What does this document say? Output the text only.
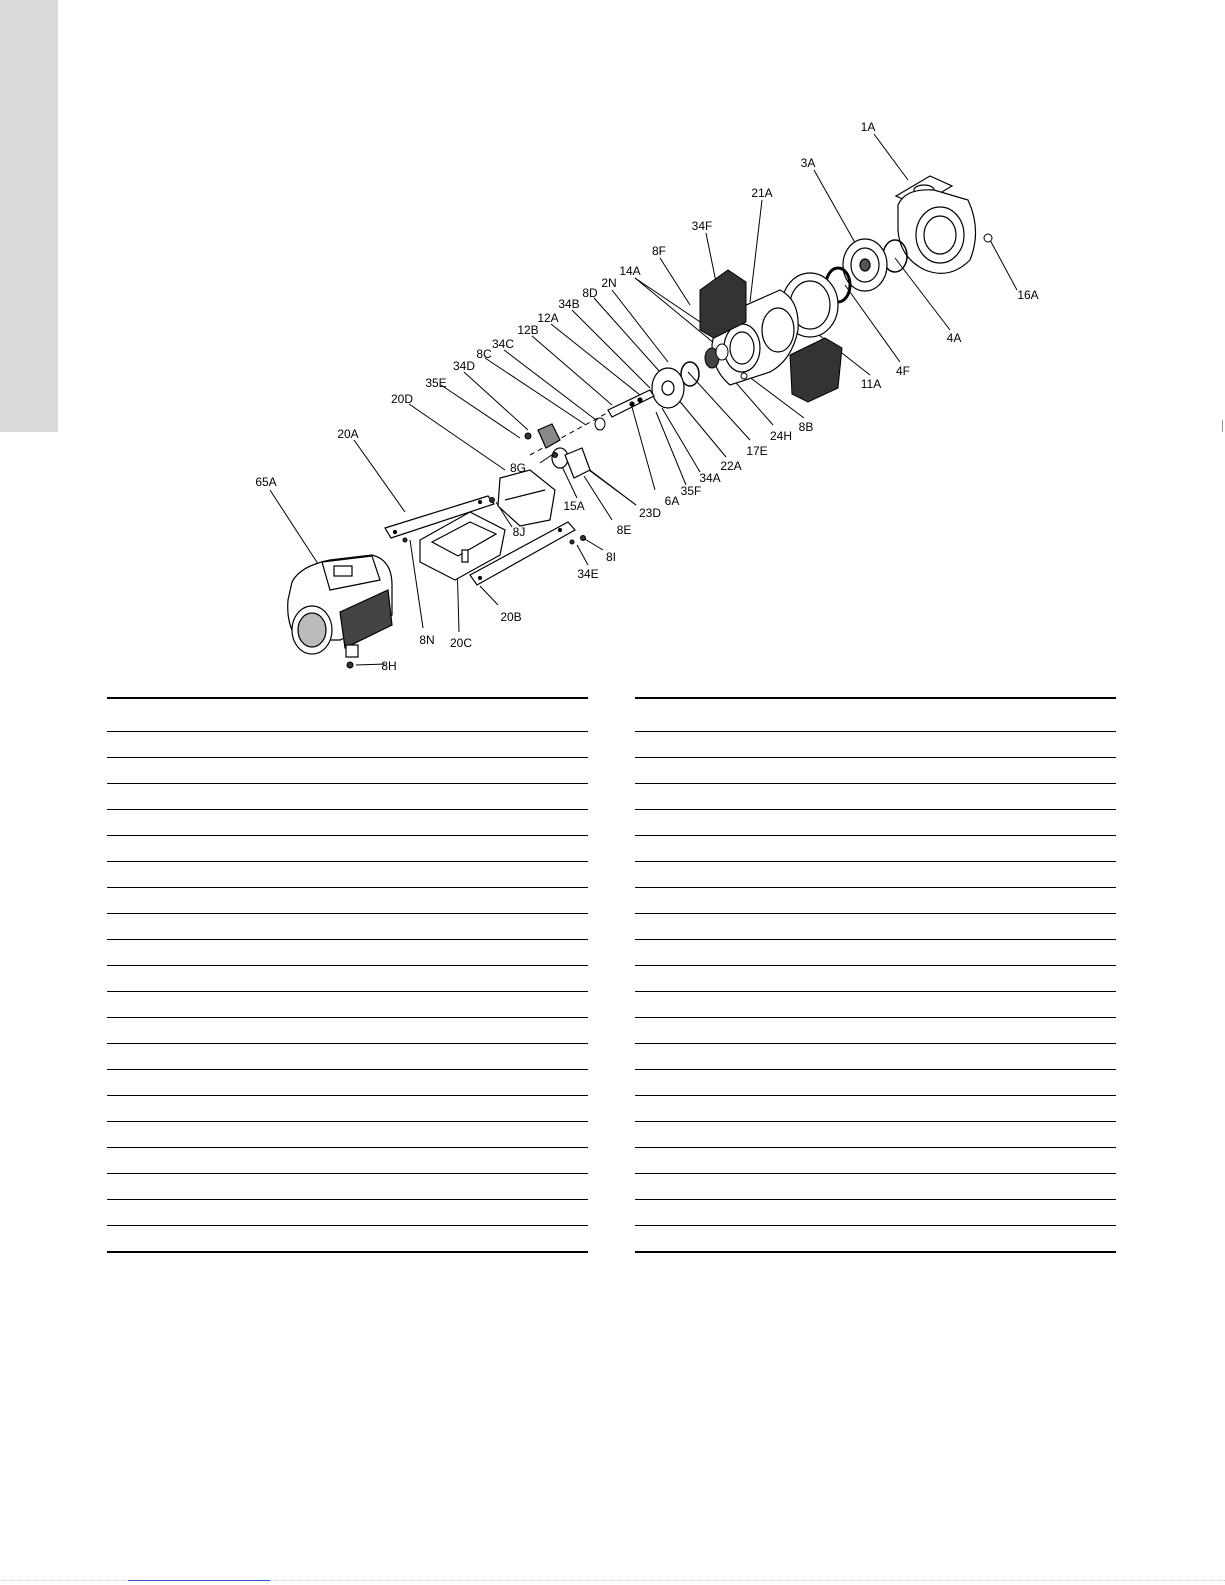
1A
3A
21A
34F
8F
14A
2N
8D
34B
12A
12B
34C
8C
34D
35E
20D
20A
65A
16A
4A
4F
11A
8B
24H
17E
22A
34A
35F
6A
23D
8E
15A
8G
8J
8I
34E
20B
20C
8N
8H
